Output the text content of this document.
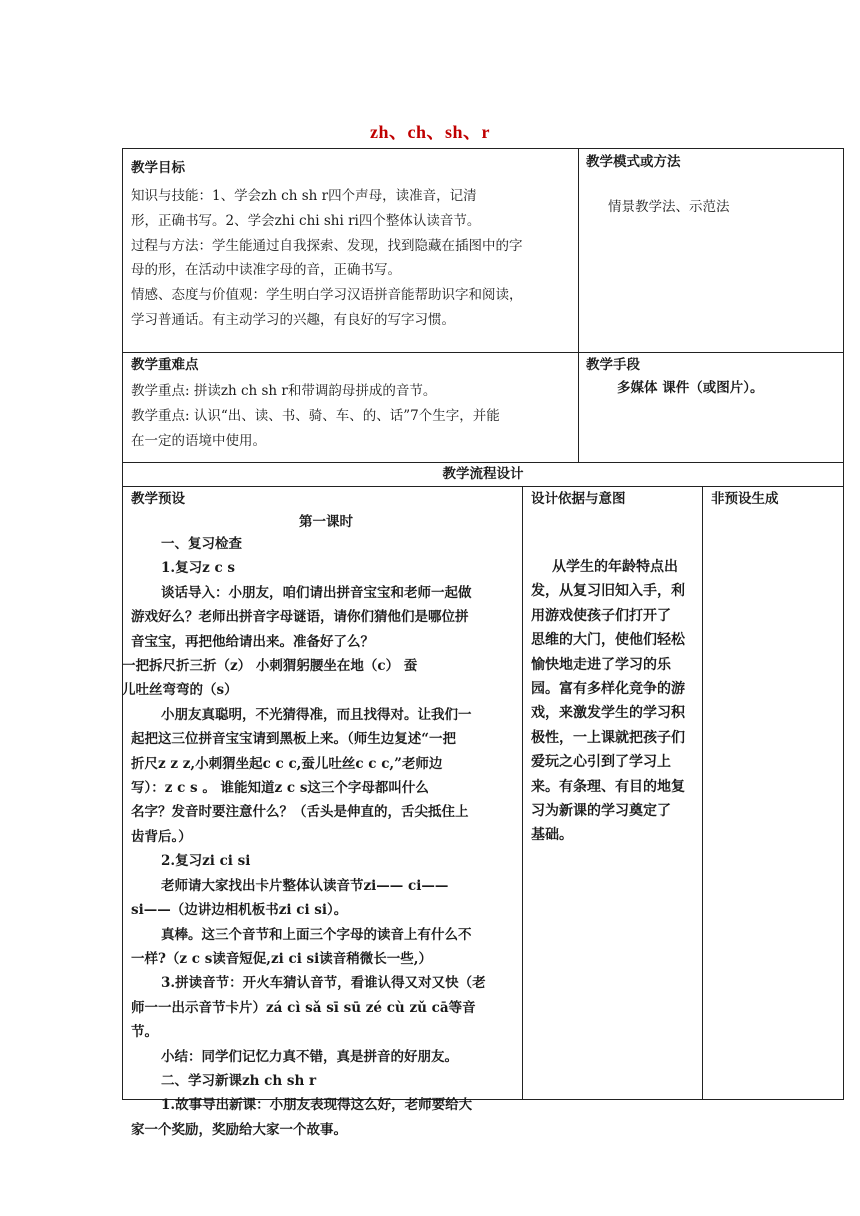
zh、ch、sh、r
教学目标
知识与技能：1、学会zh ch sh r四个声母，读准音，记清
形，正确书写。2、学会zhi chi shi ri四个整体认读音节。
过程与方法：学生能通过自我探索、发现，找到隐藏在插图中的字
母的形，在活动中读准字母的音，正确书写。
情感、态度与价值观：学生明白学习汉语拼音能帮助识字和阅读，
学习普通话。有主动学习的兴趣，有良好的写字习惯。
教学模式或方法
情景教学法、示范法
教学重难点
教学重点: 拼读zh ch sh r和带调韵母拼成的音节。
教学重点: 认识“出、读、书、骑、车、的、话”7个生字，并能
在一定的语境中使用。
教学手段
多媒体 课件（或图片）。
教学流程设计
教学预设
第一课时
一、复习检查
1.复习z c s
谈话导入：小朋友，咱们请出拼音宝宝和老师一起做
游戏好么？老师出拼音字母谜语，请你们猜他们是哪位拼
音宝宝，再把他给请出来。准备好了么？
一把拆尺折三折（z） 小刺猬躬腰坐在地（c） 蚕
儿吐丝弯弯的（s）
小朋友真聪明，不光猜得准，而且找得对。让我们一
起把这三位拼音宝宝请到黑板上来。（师生边复述“一把
折尺z z z,小刺猬坐起c c c,蚕儿吐丝c c c,”老师边
写）：z c s 。 谁能知道z c s这三个字母都叫什么
名字？发音时要注意什么？（舌头是伸直的，舌尖抵住上
齿背后。）
2.复习zi ci si
老师请大家找出卡片整体认读音节zi—— ci——
si——（边讲边相机板书zi ci si）。
真棒。这三个音节和上面三个字母的读音上有什么不
一样?（z c s读音短促,zi ci si读音稍微长一些,）
3.拼读音节：开火车猜认音节，看谁认得又对又快（老
师一一出示音节卡片）zá cì sǎ sī sū zé cù zǔ cā等音
节。
小结：同学们记忆力真不错，真是拼音的好朋友。
二、学习新课zh ch sh r
1.故事导出新课：小朋友表现得这么好，老师要给大
家一个奖励，奖励给大家一个故事。
设计依据与意图
从学生的年龄特点出
发，从复习旧知入手，利
用游戏使孩子们打开了
思维的大门，使他们轻松
愉快地走进了学习的乐
园。富有多样化竞争的游
戏，来激发学生的学习积
极性，一上课就把孩子们
爱玩之心引到了学习上
来。有条理、有目的地复
习为新课的学习奠定了
基础。
非预设生成
